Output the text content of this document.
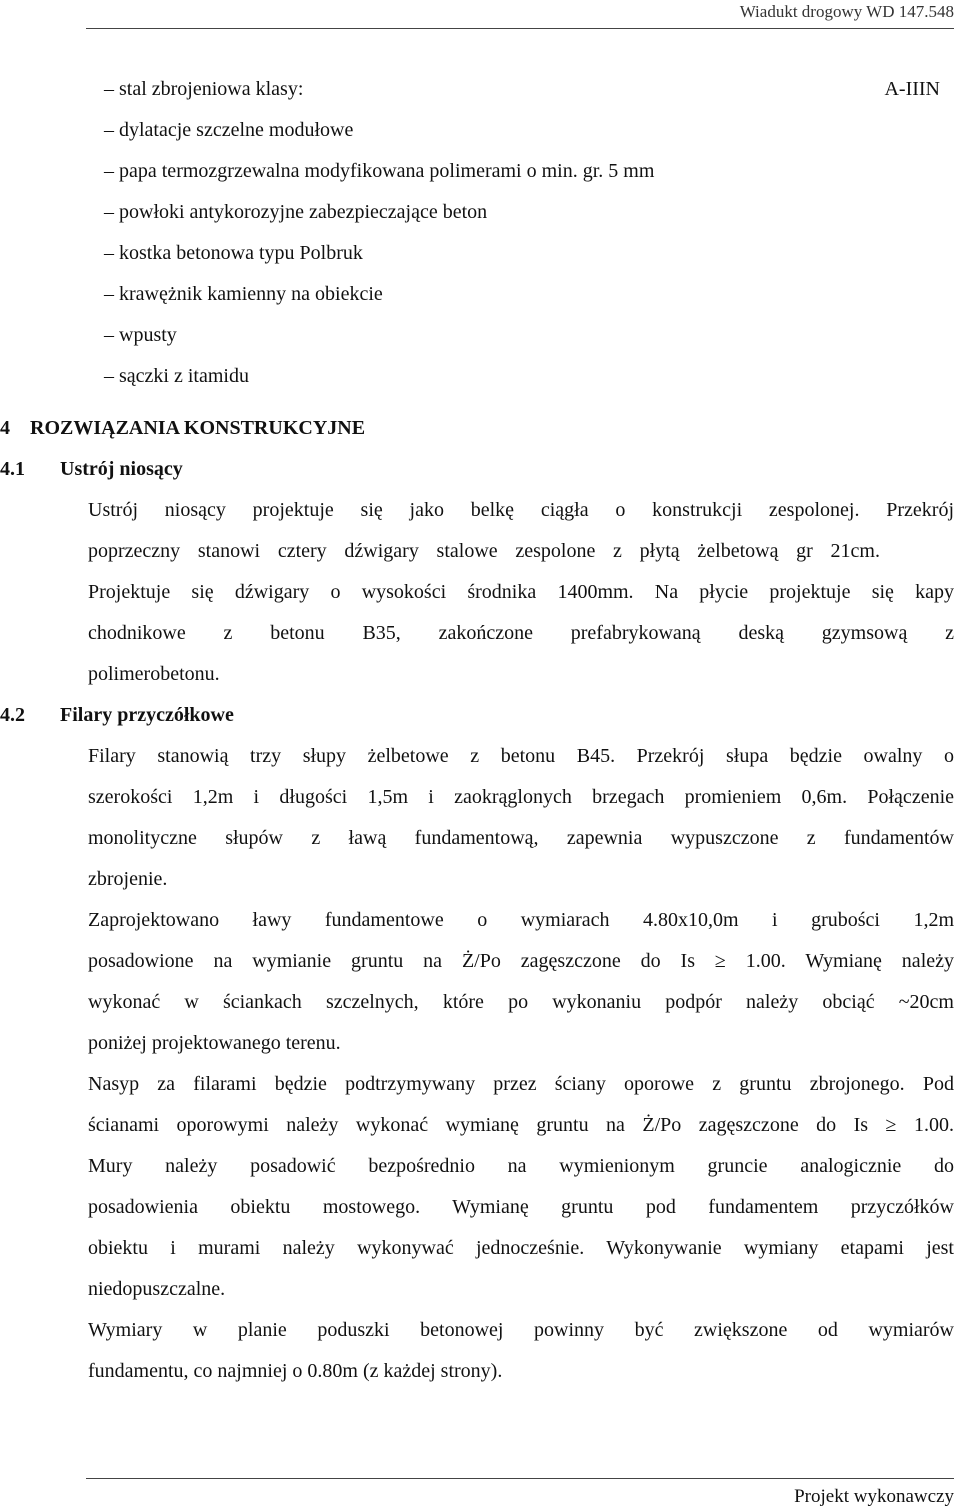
Wiadukt drogowy WD 147.548
– stal zbrojeniowa klasy:	A-IIIN
– dylatacje szczelne modułowe
– papa termozgrzewalna modyfikowana polimerami o min. gr. 5 mm
– powłoki antykorozyjne zabezpieczające beton
– kostka betonowa typu Polbruk
– krawężnik kamienny na obiekcie
– wpusty
– sączki z itamidu
4 ROZWIĄZANIA KONSTRUKCYJNE
4.1 Ustrój niosący
Ustrój niosący projektuje się jako belkę ciągła o konstrukcji zespolonej. Przekrój
poprzeczny stanowi cztery dźwigary stalowe zespolone z płytą żelbetową gr 21cm.
Projektuje się dźwigary o wysokości środnika 1400mm. Na płycie projektuje się kapy
chodnikowe z betonu B35, zakończone prefabrykowaną deską gzymsową z
polimerobetonu.
4.2 Filary przyczółkowe
Filary stanowią trzy słupy żelbetowe z betonu B45. Przekrój słupa będzie owalny o
szerokości 1,2m i długości 1,5m i zaokrąglonych brzegach promieniem 0,6m. Połączenie
monolityczne słupów z ławą fundamentową, zapewnia wypuszczone z fundamentów
zbrojenie.
Zaprojektowano ławy fundamentowe o wymiarach 4.80x10,0m i grubości 1,2m
posadowione na wymianie gruntu na Ż/Po zagęszczone do Is ≥ 1.00. Wymianę należy
wykonać w ściankach szczelnych, które po wykonaniu podpór należy obciąć ~20cm
poniżej projektowanego terenu.
Nasyp za filarami będzie podtrzymywany przez ściany oporowe z gruntu zbrojonego. Pod
ścianami oporowymi należy wykonać wymianę gruntu na Ż/Po zagęszczone do Is ≥ 1.00.
Mury należy posadowić bezpośrednio na wymienionym gruncie analogicznie do
posadowienia obiektu mostowego. Wymianę gruntu pod fundamentem przyczółków
obiektu i murami należy wykonywać jednocześnie. Wykonywanie wymiany etapami jest
niedopuszczalne.
Wymiary w planie poduszki betonowej powinny być zwiększone od wymiarów
fundamentu, co najmniej o 0.80m (z każdej strony).
Projekt wykonawczy
